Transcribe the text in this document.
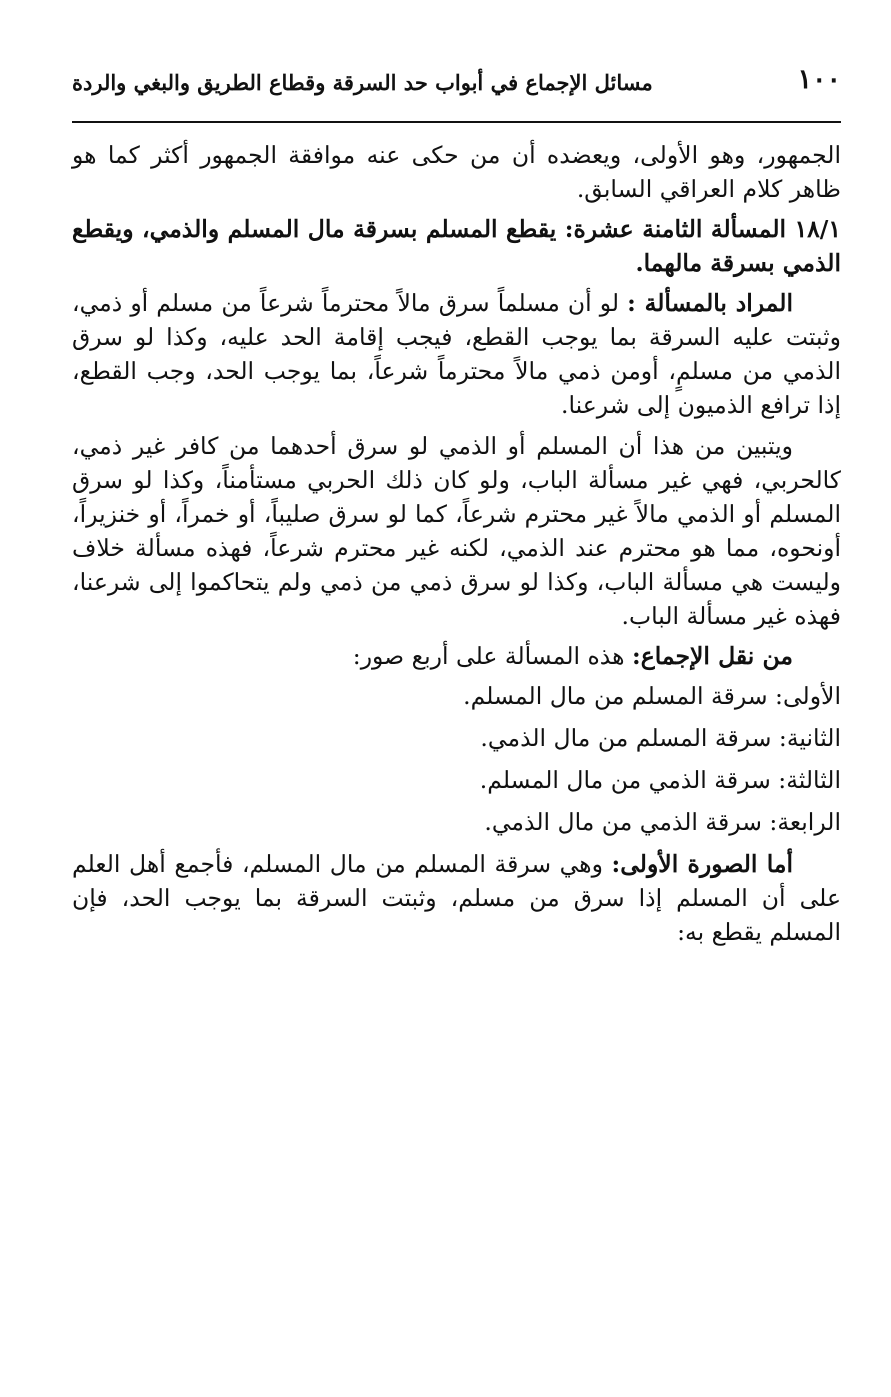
١٠٠
مسائل الإجماع في أبواب حد السرقة وقطاع الطريق والبغي والردة

الجمهور، وهو الأولى، ويعضده أن من حكى عنه موافقة الجمهور أكثر كما هو ظاهر كلام العراقي السابق.

١٨/١ المسألة الثامنة عشرة: يقطع المسلم بسرقة مال المسلم والذمي، ويقطع الذمي بسرقة مالهما.

المراد بالمسألة : لو أن مسلماً سرق مالاً محترماً شرعاً من مسلم أو ذمي، وثبتت عليه السرقة بما يوجب القطع، فيجب إقامة الحد عليه، وكذا لو سرق الذمي من مسلمٍ، أومن ذمي مالاً محترماً شرعاً، بما يوجب الحد، وجب القطع، إذا ترافع الذميون إلى شرعنا.

ويتبين من هذا أن المسلم أو الذمي لو سرق أحدهما من كافر غير ذمي، كالحربي، فهي غير مسألة الباب، ولو كان ذلك الحربي مستأمناً، وكذا لو سرق المسلم أو الذمي مالاً غير محترم شرعاً، كما لو سرق صليباً، أو خمراً، أو خنزيراً، أونحوه، مما هو محترم عند الذمي، لكنه غير محترم شرعاً، فهذه مسألة خلاف وليست هي مسألة الباب، وكذا لو سرق ذمي من ذمي ولم يتحاكموا إلى شرعنا، فهذه غير مسألة الباب.

من نقل الإجماع: هذه المسألة على أربع صور:

الأولى: سرقة المسلم من مال المسلم.

الثانية: سرقة المسلم من مال الذمي.

الثالثة: سرقة الذمي من مال المسلم.

الرابعة: سرقة الذمي من مال الذمي.

أما الصورة الأولى: وهي سرقة المسلم من مال المسلم، فأجمع أهل العلم على أن المسلم إذا سرق من مسلم، وثبتت السرقة بما يوجب الحد، فإن المسلم يقطع به:
